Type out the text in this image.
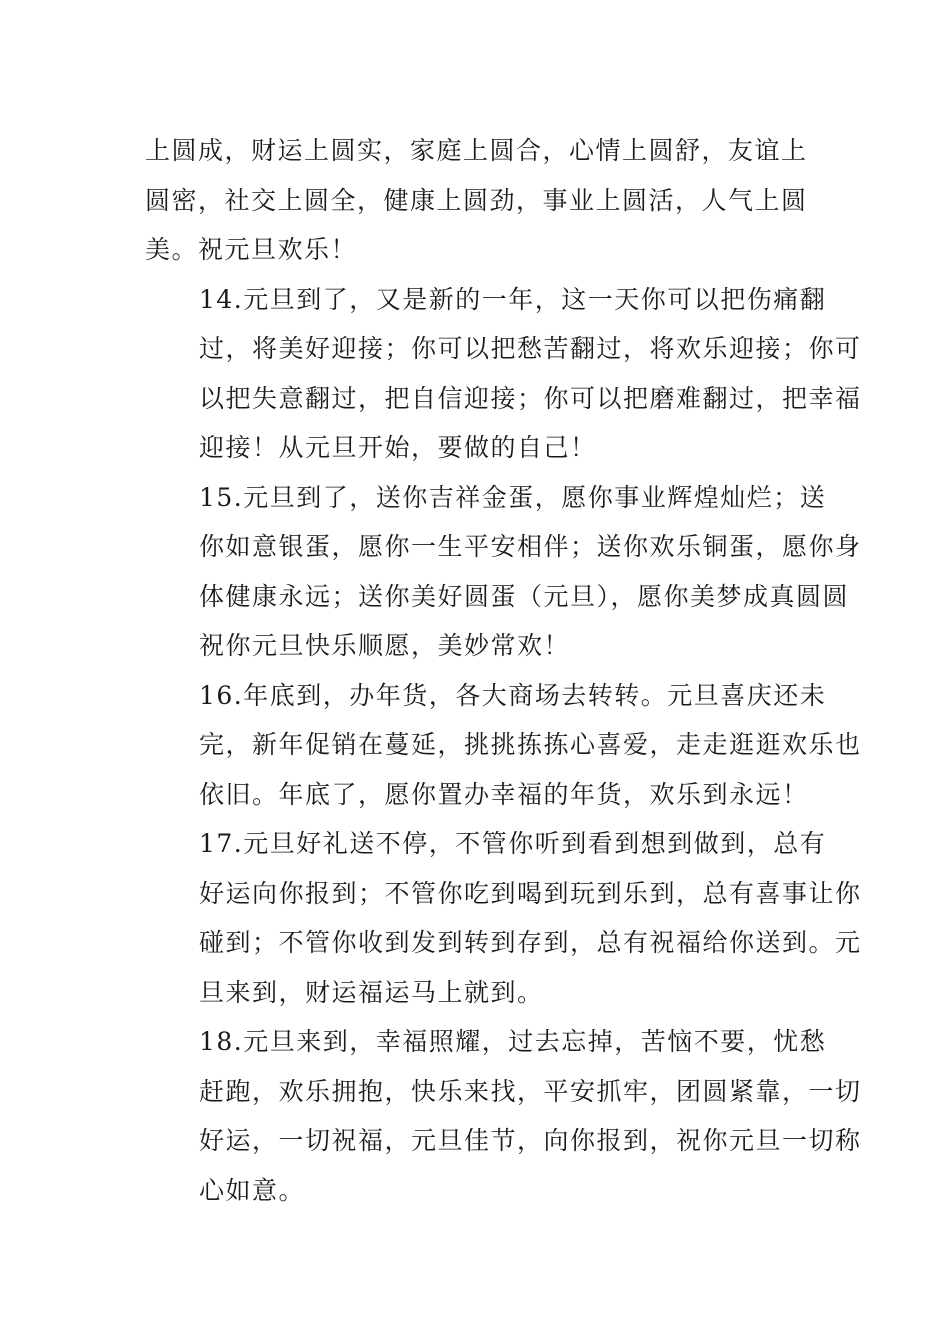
上圆成，财运上圆实，家庭上圆合，心情上圆舒，友谊上
圆密，社交上圆全，健康上圆劲，事业上圆活，人气上圆
美。祝元旦欢乐！

14.元旦到了，又是新的一年，这一天你可以把伤痛翻
过，将美好迎接；你可以把愁苦翻过，将欢乐迎接；你可
以把失意翻过，把自信迎接；你可以把磨难翻过，把幸福
迎接！从元旦开始，要做的自己！

15.元旦到了，送你吉祥金蛋，愿你事业辉煌灿烂；送
你如意银蛋，愿你一生平安相伴；送你欢乐铜蛋，愿你身
体健康永远；送你美好圆蛋（元旦），愿你美梦成真圆圆
祝你元旦快乐顺愿，美妙常欢！

16.年底到，办年货，各大商场去转转。元旦喜庆还未
完，新年促销在蔓延，挑挑拣拣心喜爱，走走逛逛欢乐也
依旧。年底了，愿你置办幸福的年货，欢乐到永远！

17.元旦好礼送不停，不管你听到看到想到做到，总有
好运向你报到；不管你吃到喝到玩到乐到，总有喜事让你
碰到；不管你收到发到转到存到，总有祝福给你送到。元
旦来到，财运福运马上就到。

18.元旦来到，幸福照耀，过去忘掉，苦恼不要，忧愁
赶跑，欢乐拥抱，快乐来找，平安抓牢，团圆紧靠，一切
好运，一切祝福，元旦佳节，向你报到，祝你元旦一切称
心如意。
